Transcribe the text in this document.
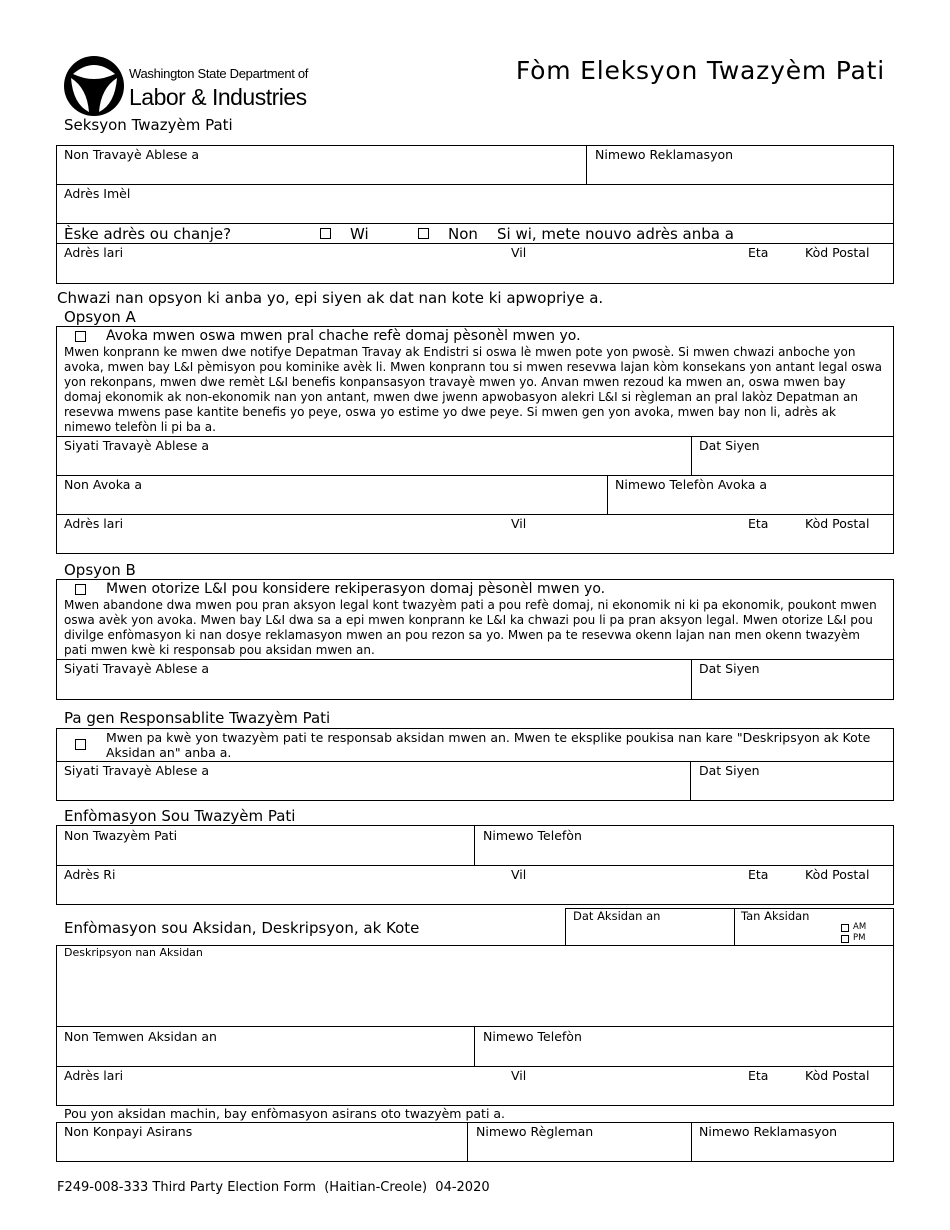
Washington State Department of
Labor & Industries
Fòm Eleksyon Twazyèm Pati
Seksyon Twazyèm Pati
Non Travayè Ablese a	Nimewo Reklamasyon
Adrès Imèl
Èske adrès ou chanje?	Wi	Non Si wi, mete nouvo adrès anba a
Adrès lari	Vil	Eta	Kòd Postal
Chwazi nan opsyon ki anba yo, epi siyen ak dat nan kote ki apwopriye a.
Opsyon A
Avoka mwen oswa mwen pral chache refè domaj pèsonèl mwen yo.
Mwen konprann ke mwen dwe notifye Depatman Travay ak Endistri si oswa lè mwen pote yon pwosè. Si mwen chwazi anboche yon avoka, mwen bay L&I pèmisyon pou kominike avèk li. Mwen konprann tou si mwen resevwa lajan kòm konsekans yon antant legal oswa yon rekonpans, mwen dwe remèt L&I benefis konpansasyon travayè mwen yo. Anvan mwen rezoud ka mwen an, oswa mwen bay domaj ekonomik ak non-ekonomik nan yon antant, mwen dwe jwenn apwobasyon alekri L&I si règleman an pral lakòz Depatman an resevwa mwens pase kantite benefis yo peye, oswa yo estime yo dwe peye. Si mwen gen yon avoka, mwen bay non li, adrès ak nimewo telefòn li pi ba a.
Siyati Travayè Ablese a	Dat Siyen
Non Avoka a	Nimewo Telefòn Avoka a
Adrès lari	Vil	Eta	Kòd Postal
Opsyon B
Mwen otorize L&I pou konsidere rekiperasyon domaj pèsonèl mwen yo.
Mwen abandone dwa mwen pou pran aksyon legal kont twazyèm pati a pou refè domaj, ni ekonomik ni ki pa ekonomik, poukont mwen oswa avèk yon avoka. Mwen bay L&I dwa sa a epi mwen konprann ke L&I ka chwazi pou li pa pran aksyon legal. Mwen otorize L&I pou divilge enfòmasyon ki nan dosye reklamasyon mwen an pou rezon sa yo. Mwen pa te resevwa okenn lajan nan men okenn twazyèm pati mwen kwè ki responsab pou aksidan mwen an.
Siyati Travayè Ablese a	Dat Siyen
Pa gen Responsablite Twazyèm Pati
Mwen pa kwè yon twazyèm pati te responsab aksidan mwen an. Mwen te eksplike poukisa nan kare "Deskripsyon ak Kote Aksidan an" anba a.
Siyati Travayè Ablese a	Dat Siyen
Enfòmasyon Sou Twazyèm Pati
Non Twazyèm Pati	Nimewo Telefòn
Adrès Ri	Vil	Eta	Kòd Postal
Enfòmasyon sou Aksidan, Deskripsyon, ak Kote
Dat Aksidan an	Tan Aksidan
AM
PM
Deskripsyon nan Aksidan
Non Temwen Aksidan an	Nimewo Telefòn
Adrès lari	Vil	Eta	Kòd Postal
Pou yon aksidan machin, bay enfòmasyon asirans oto twazyèm pati a.
Non Konpayi Asirans	Nimewo Règleman	Nimewo Reklamasyon
F249-008-333 Third Party Election Form  (Haitian-Creole)  04-2020
